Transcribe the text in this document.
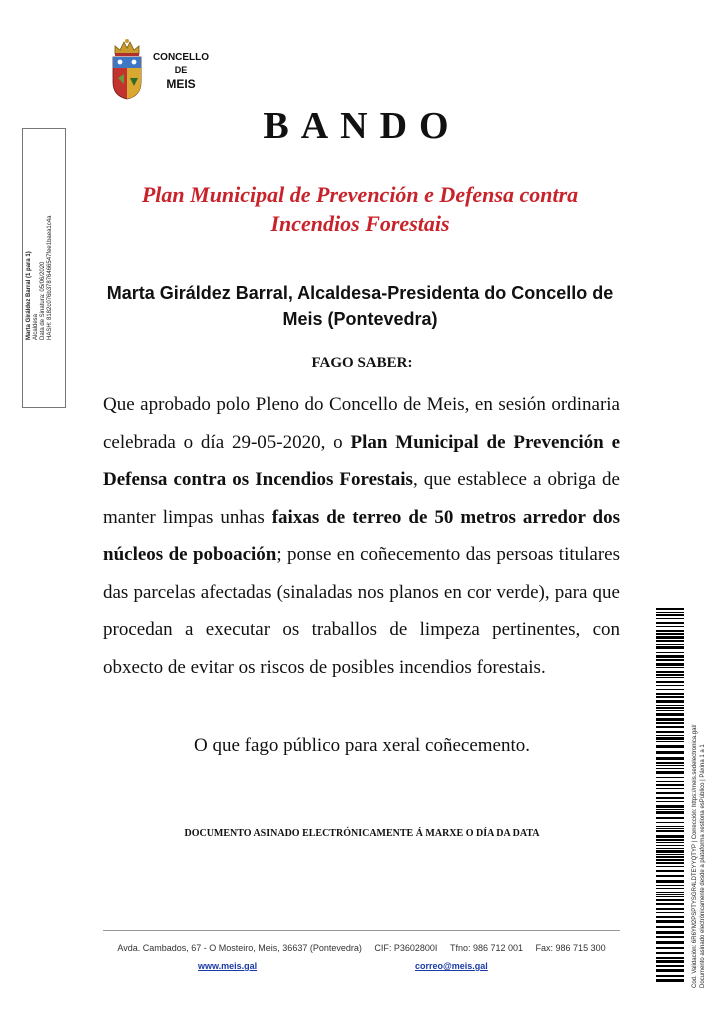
CONCELLO
DE
MEIS
Marta Giráldez Barral (1 para 1) Alcaldesa Data de Sinatura: 05/06/2020 HASH: 8182c076b37876466547fee1baea1c4a
BANDO
Plan Municipal de Prevención e Defensa contra Incendios Forestais
Marta Giráldez Barral, Alcaldesa-Presidenta do Concello de Meis (Pontevedra)
FAGO SABER:
Que aprobado polo Pleno do Concello de Meis, en sesión ordinaria celebrada o día 29-05-2020, o Plan Municipal de Prevención e Defensa contra os Incendios Forestais, que establece a obriga de manter limpas unhas faixas de terreo de 50 metros arredor dos núcleos de poboación; ponse en coñecemento das persoas titulares das parcelas afectadas (sinaladas nos planos en cor verde), para que procedan a executar os traballos de limpeza pertinentes, con obxecto de evitar os riscos de posibles incendios forestais.
O que fago público para xeral coñecemento.
DOCUMENTO ASINADO ELECTRÓNICAMENTE Á MARXE O DÍA DA DATA	Cod. Validación: 6R6YM2PSPTYSGR4LDTEYYQTYP | Corrección: https://meis.sedelectronica.gal/ Documento asinado electrónicamente desde a plataforma xestiona esPúblico | Páxina 1 a 1
Avda. Cambados, 67 - O Mosteiro, Meis, 36637 (Pontevedra) CIF: P3602800I Tfno: 986 712 001 Fax: 986 715 300
www.meis.gal	correo@meis.gal
